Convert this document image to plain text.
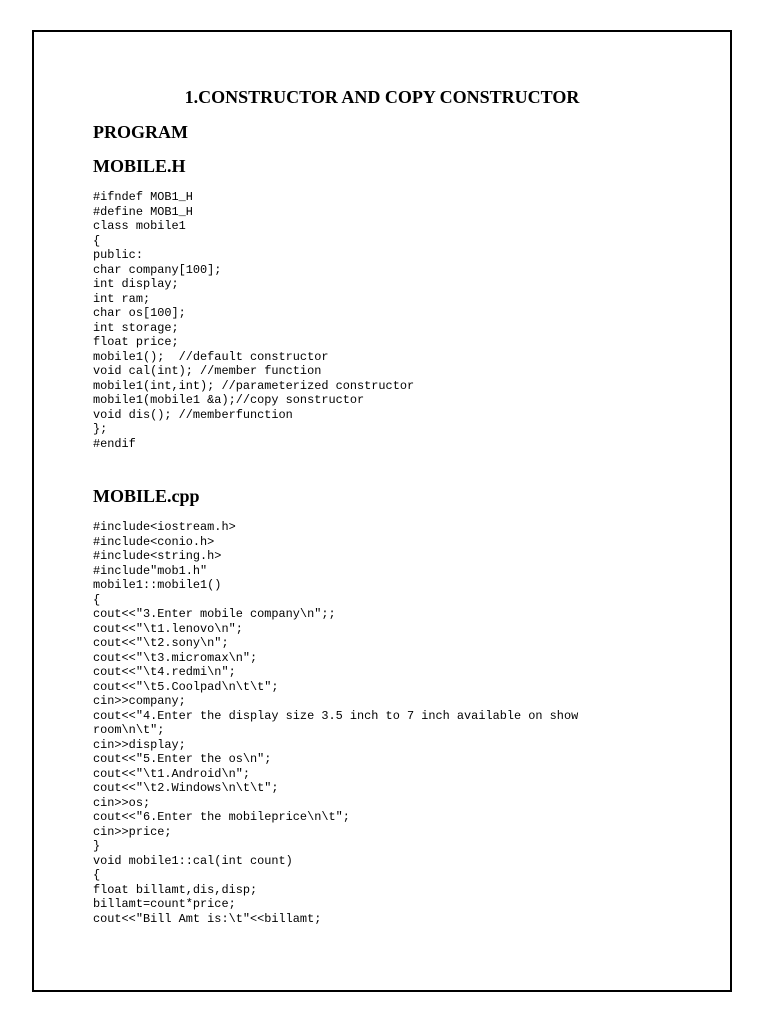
1.CONSTRUCTOR AND COPY CONSTRUCTOR
PROGRAM
MOBILE.H
#ifndef MOB1_H
#define MOB1_H
class mobile1
{
public:
char company[100];
int display;
int ram;
char os[100];
int storage;
float price;
mobile1();  //default constructor
void cal(int); //member function
mobile1(int,int); //parameterized constructor
mobile1(mobile1 &a);//copy sonstructor
void dis(); //memberfunction
};
#endif
MOBILE.cpp
#include<iostream.h>
#include<conio.h>
#include<string.h>
#include"mob1.h"
mobile1::mobile1()
{
cout<<"3.Enter mobile company\n";;
cout<<"\t1.lenovo\n";
cout<<"\t2.sony\n";
cout<<"\t3.micromax\n";
cout<<"\t4.redmi\n";
cout<<"\t5.Coolpad\n\t\t";
cin>>company;
cout<<"4.Enter the display size 3.5 inch to 7 inch available on show
room\n\t";
cin>>display;
cout<<"5.Enter the os\n";
cout<<"\t1.Android\n";
cout<<"\t2.Windows\n\t\t";
cin>>os;
cout<<"6.Enter the mobileprice\n\t";
cin>>price;
}
void mobile1::cal(int count)
{
float billamt,dis,disp;
billamt=count*price;
cout<<"Bill Amt is:\t"<<billamt;
